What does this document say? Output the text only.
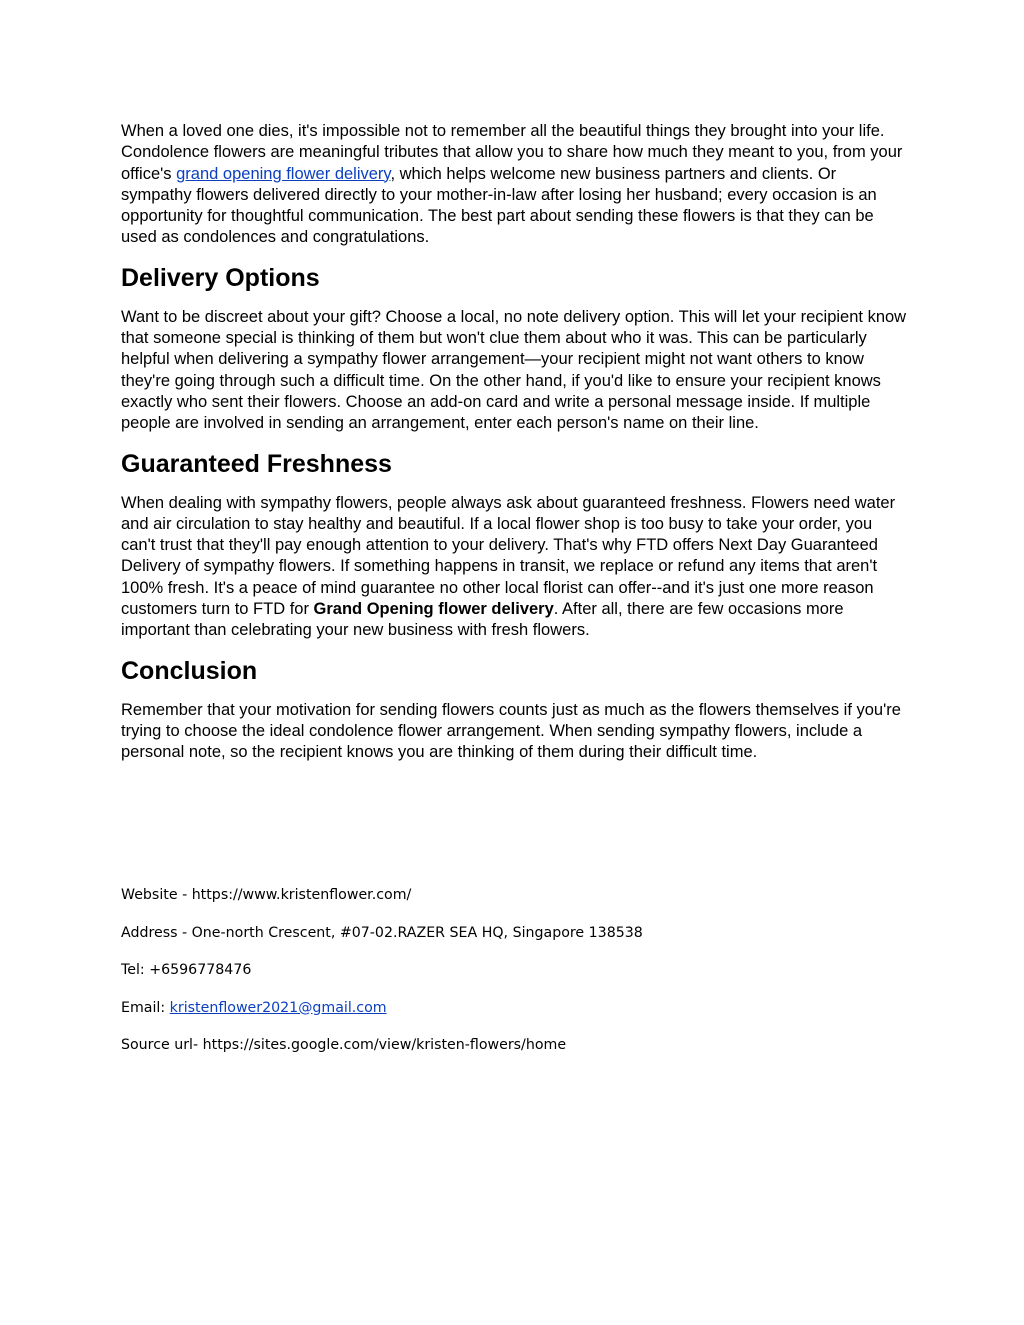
When a loved one dies, it's impossible not to remember all the beautiful things they brought into your life. Condolence flowers are meaningful tributes that allow you to share how much they meant to you, from your office's grand opening flower delivery, which helps welcome new business partners and clients. Or sympathy flowers delivered directly to your mother-in-law after losing her husband; every occasion is an opportunity for thoughtful communication. The best part about sending these flowers is that they can be used as condolences and congratulations.

Delivery Options

Want to be discreet about your gift? Choose a local, no note delivery option. This will let your recipient know that someone special is thinking of them but won't clue them about who it was. This can be particularly helpful when delivering a sympathy flower arrangement—your recipient might not want others to know they're going through such a difficult time. On the other hand, if you'd like to ensure your recipient knows exactly who sent their flowers. Choose an add-on card and write a personal message inside. If multiple people are involved in sending an arrangement, enter each person's name on their line.

Guaranteed Freshness

When dealing with sympathy flowers, people always ask about guaranteed freshness. Flowers need water and air circulation to stay healthy and beautiful. If a local flower shop is too busy to take your order, you can't trust that they'll pay enough attention to your delivery. That's why FTD offers Next Day Guaranteed Delivery of sympathy flowers. If something happens in transit, we replace or refund any items that aren't 100% fresh. It's a peace of mind guarantee no other local florist can offer--and it's just one more reason customers turn to FTD for Grand Opening flower delivery. After all, there are few occasions more important than celebrating your new business with fresh flowers.

Conclusion

Remember that your motivation for sending flowers counts just as much as the flowers themselves if you're trying to choose the ideal condolence flower arrangement. When sending sympathy flowers, include a personal note, so the recipient knows you are thinking of them during their difficult time.

Website - https://www.kristenflower.com/
Address - One-north Crescent, #07-02.RAZER SEA HQ, Singapore 138538
Tel: +6596778476
Email: kristenflower2021@gmail.com
Source url- https://sites.google.com/view/kristen-flowers/home
